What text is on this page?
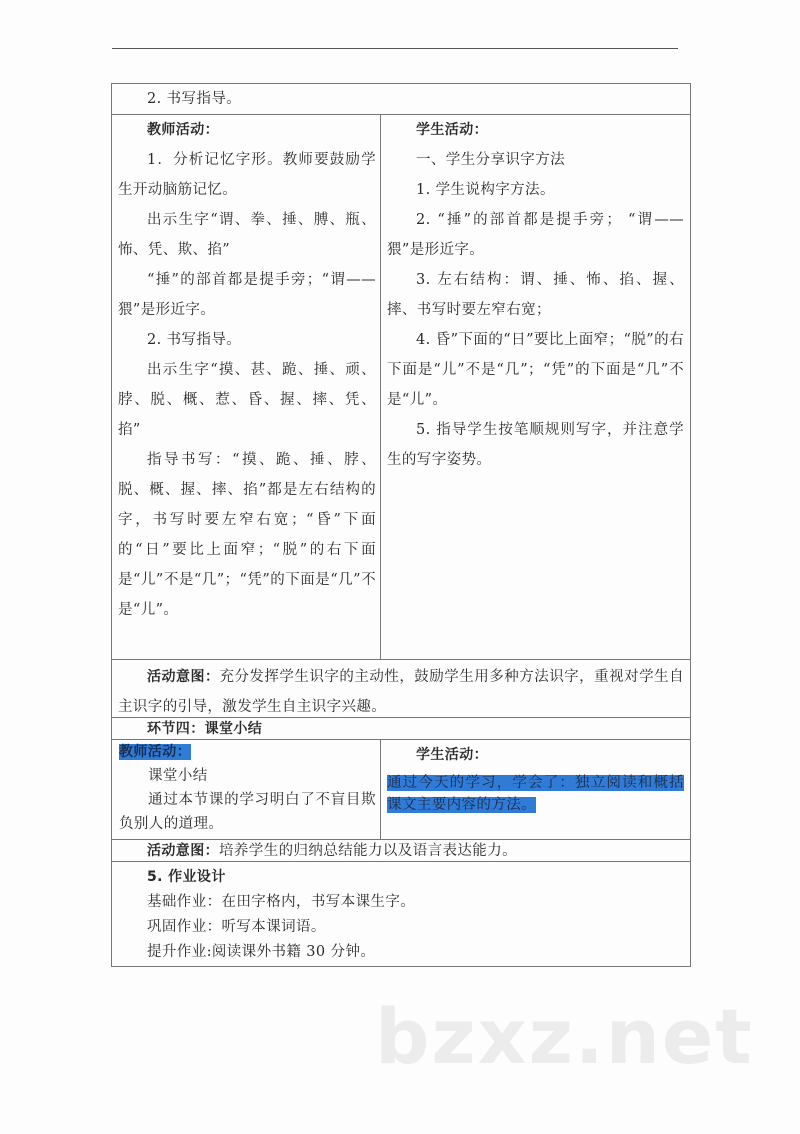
2. 书写指导。

教师活动：

1．分析记忆字形。教师要鼓励学生开动脑筋记忆。

出示生字“谓、拳、捶、膊、瓶、怖、凭、欺、掐”

“捶”的部首都是提手旁；“谓——猥”是形近字。

2. 书写指导。

出示生字“摸、甚、跪、捶、顽、脖、脱、概、惹、昏、握、摔、凭、掐”

指导书写：“摸、跪、捶、脖、脱、概、握、摔、掐”都是左右结构的字，书写时要左窄右宽；“昏”下面的“日”要比上面窄；“脱”的右下面是“儿”不是“几”；“凭”的下面是“几”不是“儿”。

学生活动：

一、学生分享识字方法

1. 学生说构字方法。

2. “捶”的部首都是提手旁； “谓——猥”是形近字。

3. 左右结构：谓、捶、怖、掐、握、摔、书写时要左窄右宽；

4. 昏”下面的“日”要比上面窄；“脱”的右下面是“儿”不是“几”；“凭”的下面是“几”不是“儿”。

5. 指导学生按笔顺规则写字，并注意学生的写字姿势。

活动意图：充分发挥学生识字的主动性，鼓励学生用多种方法识字，重视对学生自主识字的引导，激发学生自主识字兴趣。

环节四：课堂小结

教师活动：

课堂小结

通过本节课的学习明白了不盲目欺负别人的道理。

学生活动：

通过今天的学习，学会了：独立阅读和概括课文主要内容的方法。

活动意图：培养学生的归纳总结能力以及语言表达能力。

5. 作业设计

基础作业：在田字格内，书写本课生字。

巩固作业：听写本课词语。

提升作业:阅读课外书籍 30 分钟。

bzxz.net
